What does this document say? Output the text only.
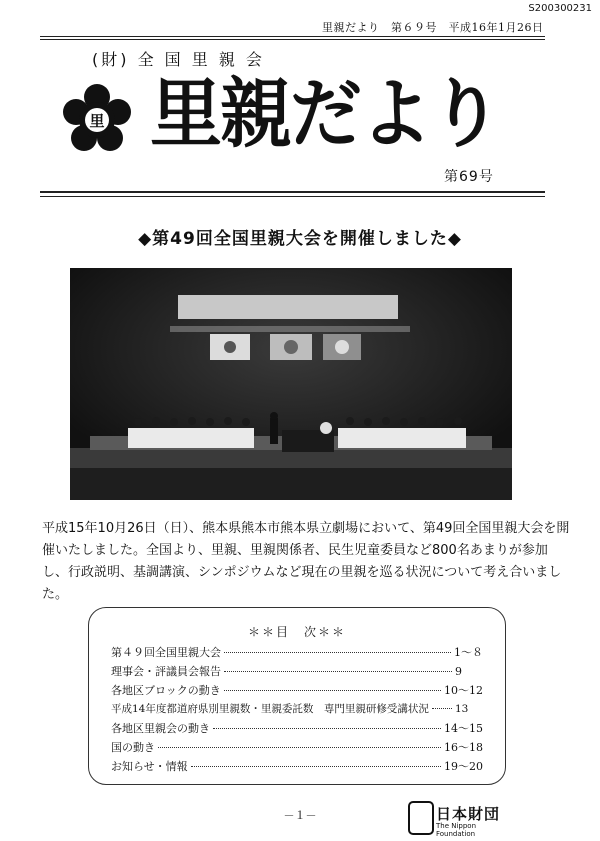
S200300231
里親だより　第６９号　平成16年1月26日
(財) 全 国 里 親 会
里 里親だより
第69号
◆第49回全国里親大会を開催しました◆
平成15年10月26日（日）、熊本県熊本市熊本県立劇場において、第49回全国里親大会を開催いたしました。全国より、里親、里親関係者、民生児童委員など800名あまりが参加し、行政説明、基調講演、シンポジウムなど現在の里親を巡る状況について考え合いました。
＊＊目　次＊＊
第４９回全国里親大会	1～８
理事会・評議員会報告	9
各地区ブロックの動き	10～12
平成14年度都道府県別里親数・里親委託数　専門里親研修受講状況 13
各地区里親会の動き	14～15
国の動き	16～18
お知らせ・情報	19～20
－１－	日本財団
The Nippon Foundation
